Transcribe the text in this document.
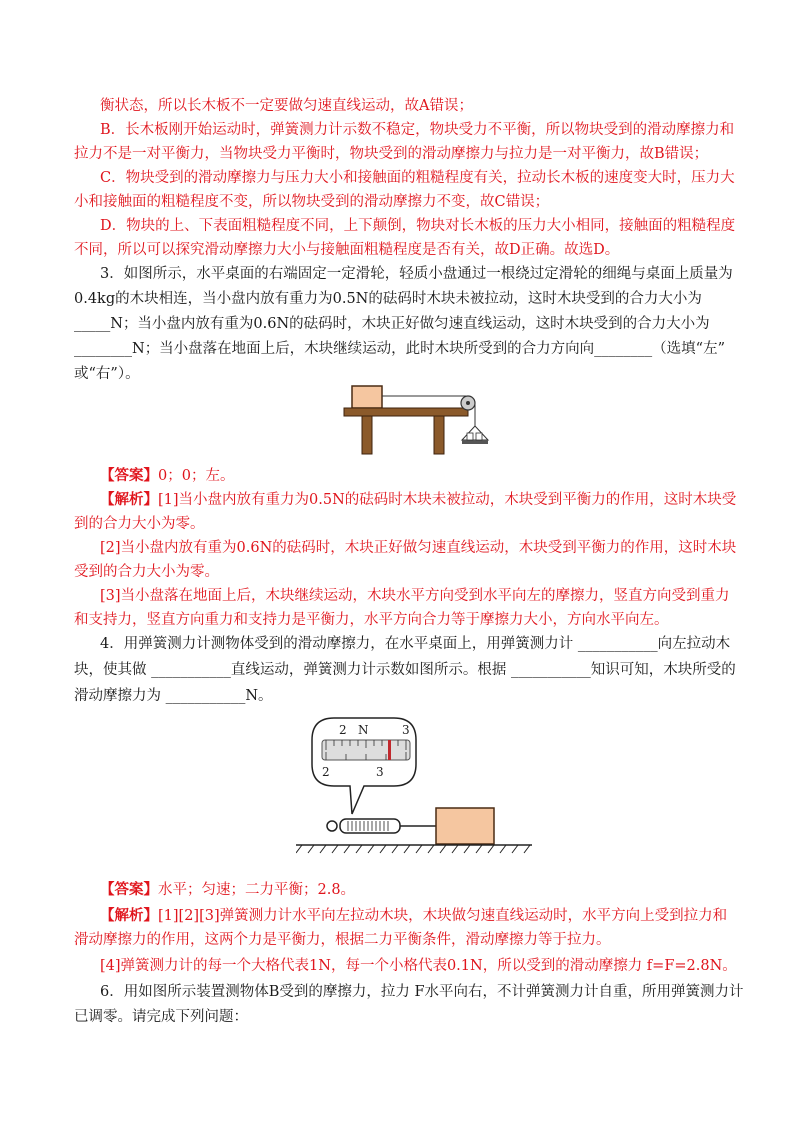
衡状态，所以长木板不一定要做匀速直线运动，故A错误；
B．长木板刚开始运动时，弹簧测力计示数不稳定，物块受力不平衡，所以物块受到的滑动摩擦力和
拉力不是一对平衡力，当物块受力平衡时，物块受到的滑动摩擦力与拉力是一对平衡力，故B错误；
C．物块受到的滑动摩擦力与压力大小和接触面的粗糙程度有关，拉动长木板的速度变大时，压力大
小和接触面的粗糙程度不变，所以物块受到的滑动摩擦力不变，故C错误；
D．物块的上、下表面粗糙程度不同，上下颠倒，物块对长木板的压力大小相同，接触面的粗糙程度
不同，所以可以探究滑动摩擦力大小与接触面粗糙程度是否有关，故D正确。故选D。
3．如图所示，水平桌面的右端固定一定滑轮，轻质小盘通过一根绕过定滑轮的细绳与桌面上质量为
0.4kg的木块相连，当小盘内放有重力为0.5N的砝码时木块未被拉动，这时木块受到的合力大小为
_____N；当小盘内放有重为0.6N的砝码时，木块正好做匀速直线运动，这时木块受到的合力大小为
________N；当小盘落在地面上后，木块继续运动，此时木块所受到的合力方向向________（选填“左”
或“右”）。
【答案】0；0；左。
【解析】[1]当小盘内放有重力为0.5N的砝码时木块未被拉动，木块受到平衡力的作用，这时木块受
到的合力大小为零。
[2]当小盘内放有重为0.6N的砝码时，木块正好做匀速直线运动，木块受到平衡力的作用，这时木块
受到的合力大小为零。
[3]当小盘落在地面上后，木块继续运动，木块水平方向受到水平向左的摩擦力，竖直方向受到重力
和支持力，竖直方向重力和支持力是平衡力，水平方向合力等于摩擦力大小，方向水平向左。
4．用弹簧测力计测物体受到的滑动摩擦力，在水平桌面上，用弹簧测力计 ___________向左拉动木
块，使其做 ___________直线运动，弹簧测力计示数如图所示。根据 ___________知识可知，木块所受的
滑动摩擦力为 ___________N。
N
2	3
2	3
【答案】水平；匀速；二力平衡；2.8。
【解析】[1][2][3]弹簧测力计水平向左拉动木块，木块做匀速直线运动时，水平方向上受到拉力和
滑动摩擦力的作用，这两个力是平衡力，根据二力平衡条件，滑动摩擦力等于拉力。
[4]弹簧测力计的每一个大格代表1N，每一个小格代表0.1N，所以受到的滑动摩擦力 f=F=2.8N。
6．用如图所示装置测物体B受到的摩擦力，拉力 F水平向右，不计弹簧测力计自重，所用弹簧测力计
已调零。请完成下列问题：
